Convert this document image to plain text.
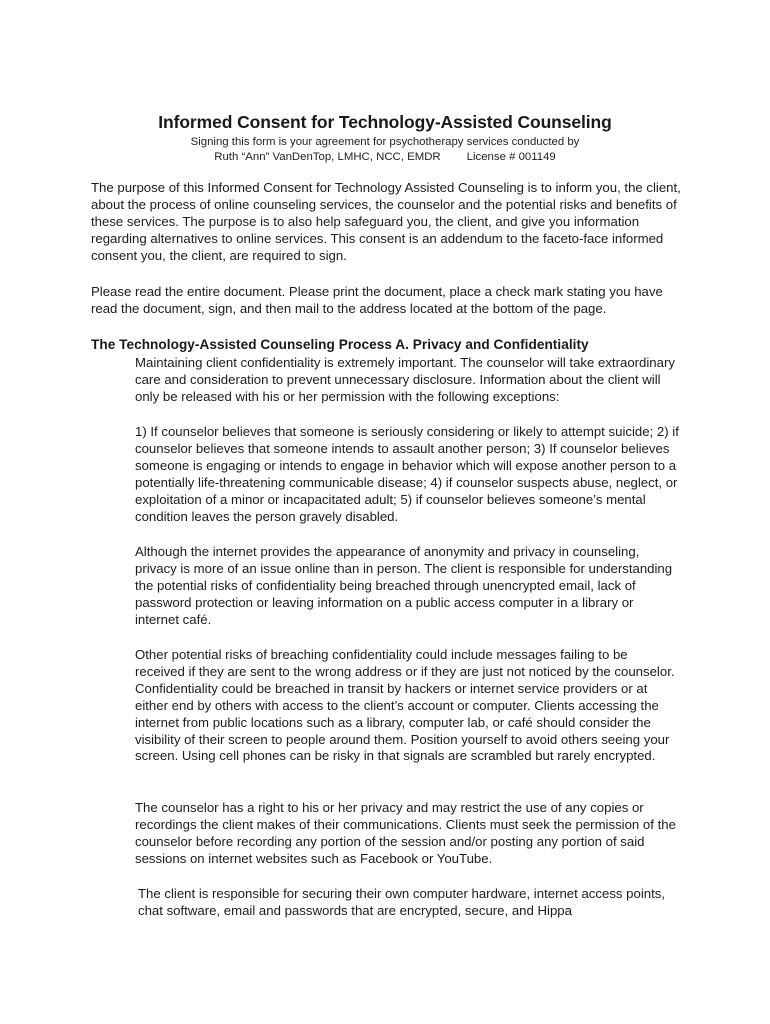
Informed Consent for Technology-Assisted Counseling
Signing this form is your agreement for psychotherapy services conducted by
Ruth “Ann” VanDenTop, LMHC, NCC, EMDR License # 001149

The purpose of this Informed Consent for Technology Assisted Counseling is to inform you, the client, about the process of online counseling services, the counselor and the potential risks and benefits of these services. The purpose is to also help safeguard you, the client, and give you information regarding alternatives to online services. This consent is an addendum to the faceto-face informed consent you, the client, are required to sign.

Please read the entire document. Please print the document, place a check mark stating you have read the document, sign, and then mail to the address located at the bottom of the page.

The Technology-Assisted Counseling Process A. Privacy and Confidentiality

Maintaining client confidentiality is extremely important. The counselor will take extraordinary care and consideration to prevent unnecessary disclosure. Information about the client will only be released with his or her permission with the following exceptions:

1) If counselor believes that someone is seriously considering or likely to attempt suicide; 2) if counselor believes that someone intends to assault another person; 3) If counselor believes someone is engaging or intends to engage in behavior which will expose another person to a potentially life-threatening communicable disease; 4) if counselor suspects abuse, neglect, or exploitation of a minor or incapacitated adult; 5) if counselor believes someone’s mental condition leaves the person gravely disabled.

Although the internet provides the appearance of anonymity and privacy in counseling, privacy is more of an issue online than in person. The client is responsible for understanding the potential risks of confidentiality being breached through unencrypted email, lack of password protection or leaving information on a public access computer in a library or internet café.

Other potential risks of breaching confidentiality could include messages failing to be received if they are sent to the wrong address or if they are just not noticed by the counselor. Confidentiality could be breached in transit by hackers or internet service providers or at either end by others with access to the client’s account or computer. Clients accessing the internet from public locations such as a library, computer lab, or café should consider the visibility of their screen to people around them. Position yourself to avoid others seeing your screen. Using cell phones can be risky in that signals are scrambled but rarely encrypted.

The counselor has a right to his or her privacy and may restrict the use of any copies or recordings the client makes of their communications. Clients must seek the permission of the counselor before recording any portion of the session and/or posting any portion of said sessions on internet websites such as Facebook or YouTube.

The client is responsible for securing their own computer hardware, internet access points, chat software, email and passwords that are encrypted, secure, and Hippa
